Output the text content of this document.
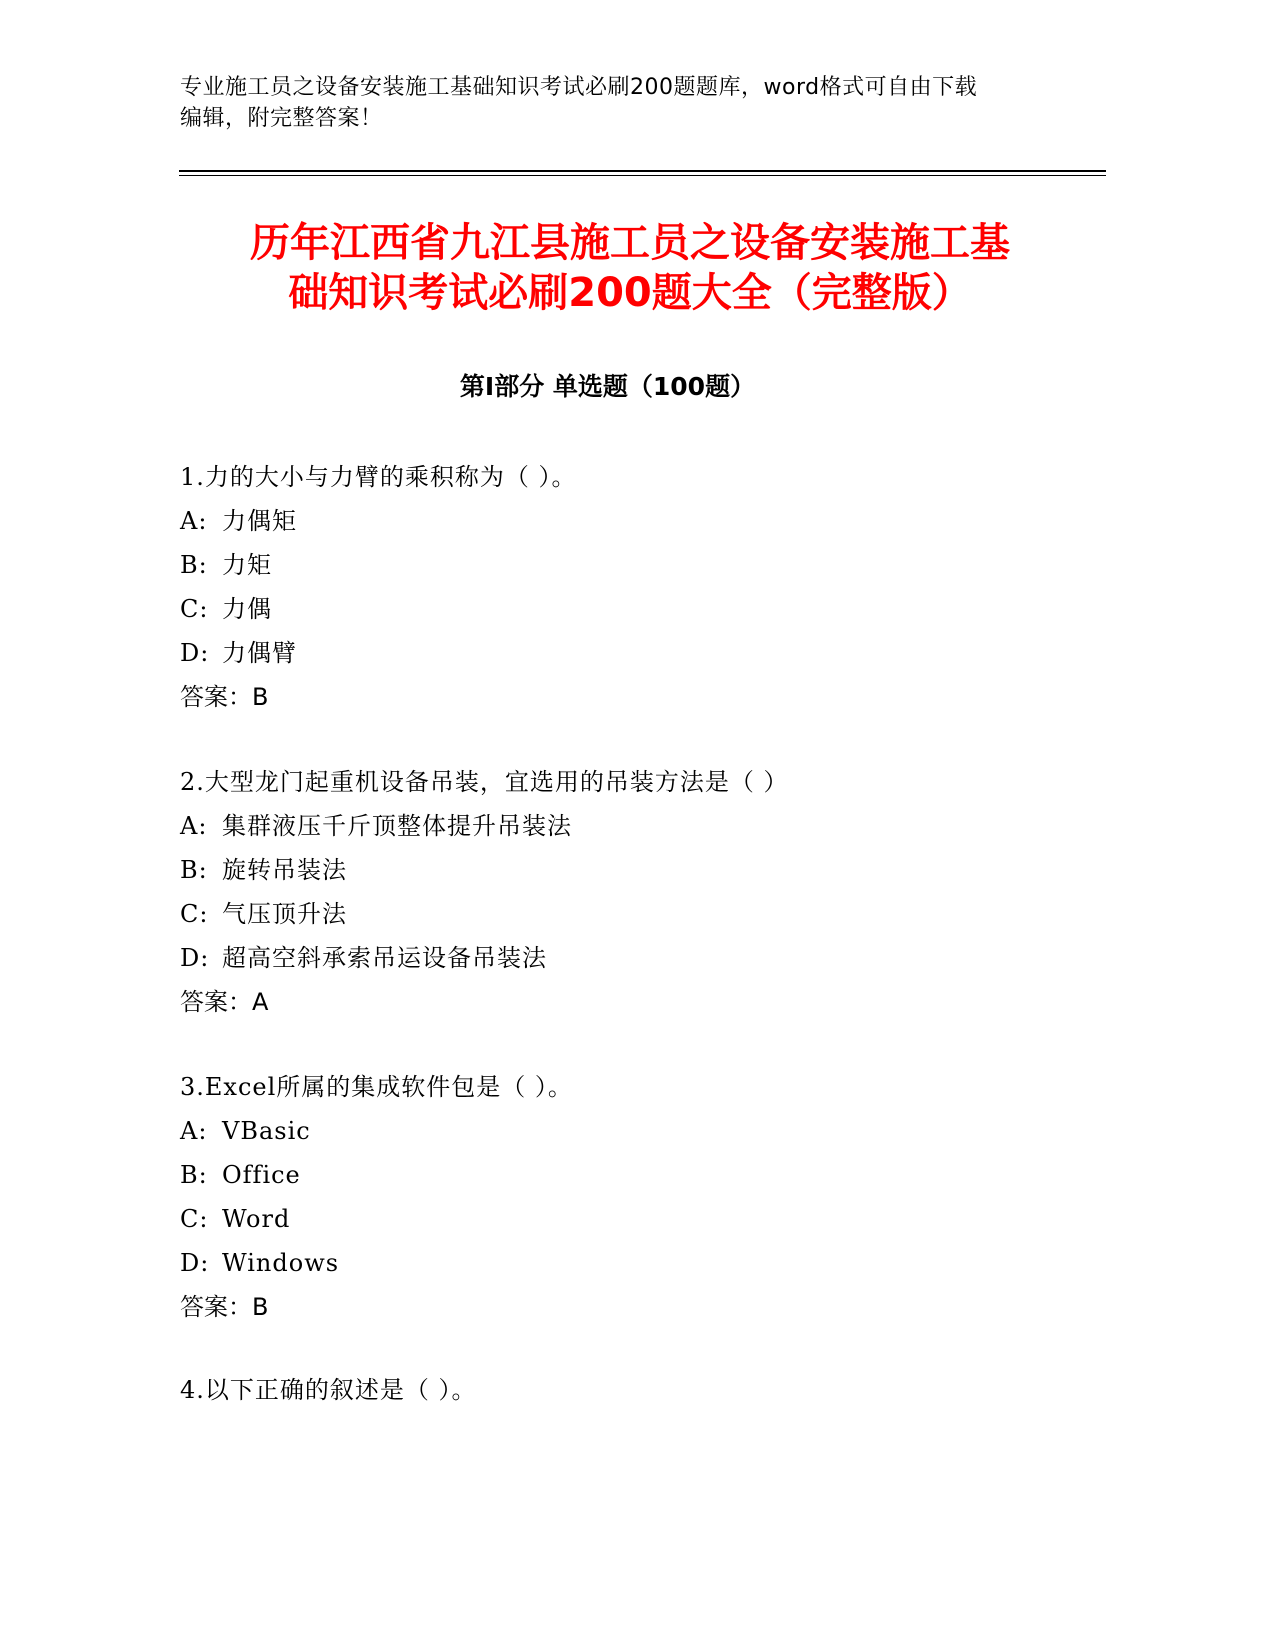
专业施工员之设备安装施工基础知识考试必刷200题题库，word格式可自由下载
编辑，附完整答案！
历年江西省九江县施工员之设备安装施工基
础知识考试必刷200题大全（完整版）
第Ⅰ部分 单选题（100题）
1.力的大小与力臂的乘积称为（ ）。
A: 力偶矩
B: 力矩
C: 力偶
D: 力偶臂
答案：B
2.大型龙门起重机设备吊装，宜选用的吊装方法是（ ）
A: 集群液压千斤顶整体提升吊装法
B: 旋转吊装法
C: 气压顶升法
D: 超高空斜承索吊运设备吊装法
答案：A
3.Excel所属的集成软件包是（ ）。
A: VBasic
B: Office
C: Word
D: Windows
答案：B
4.以下正确的叙述是（ ）。
